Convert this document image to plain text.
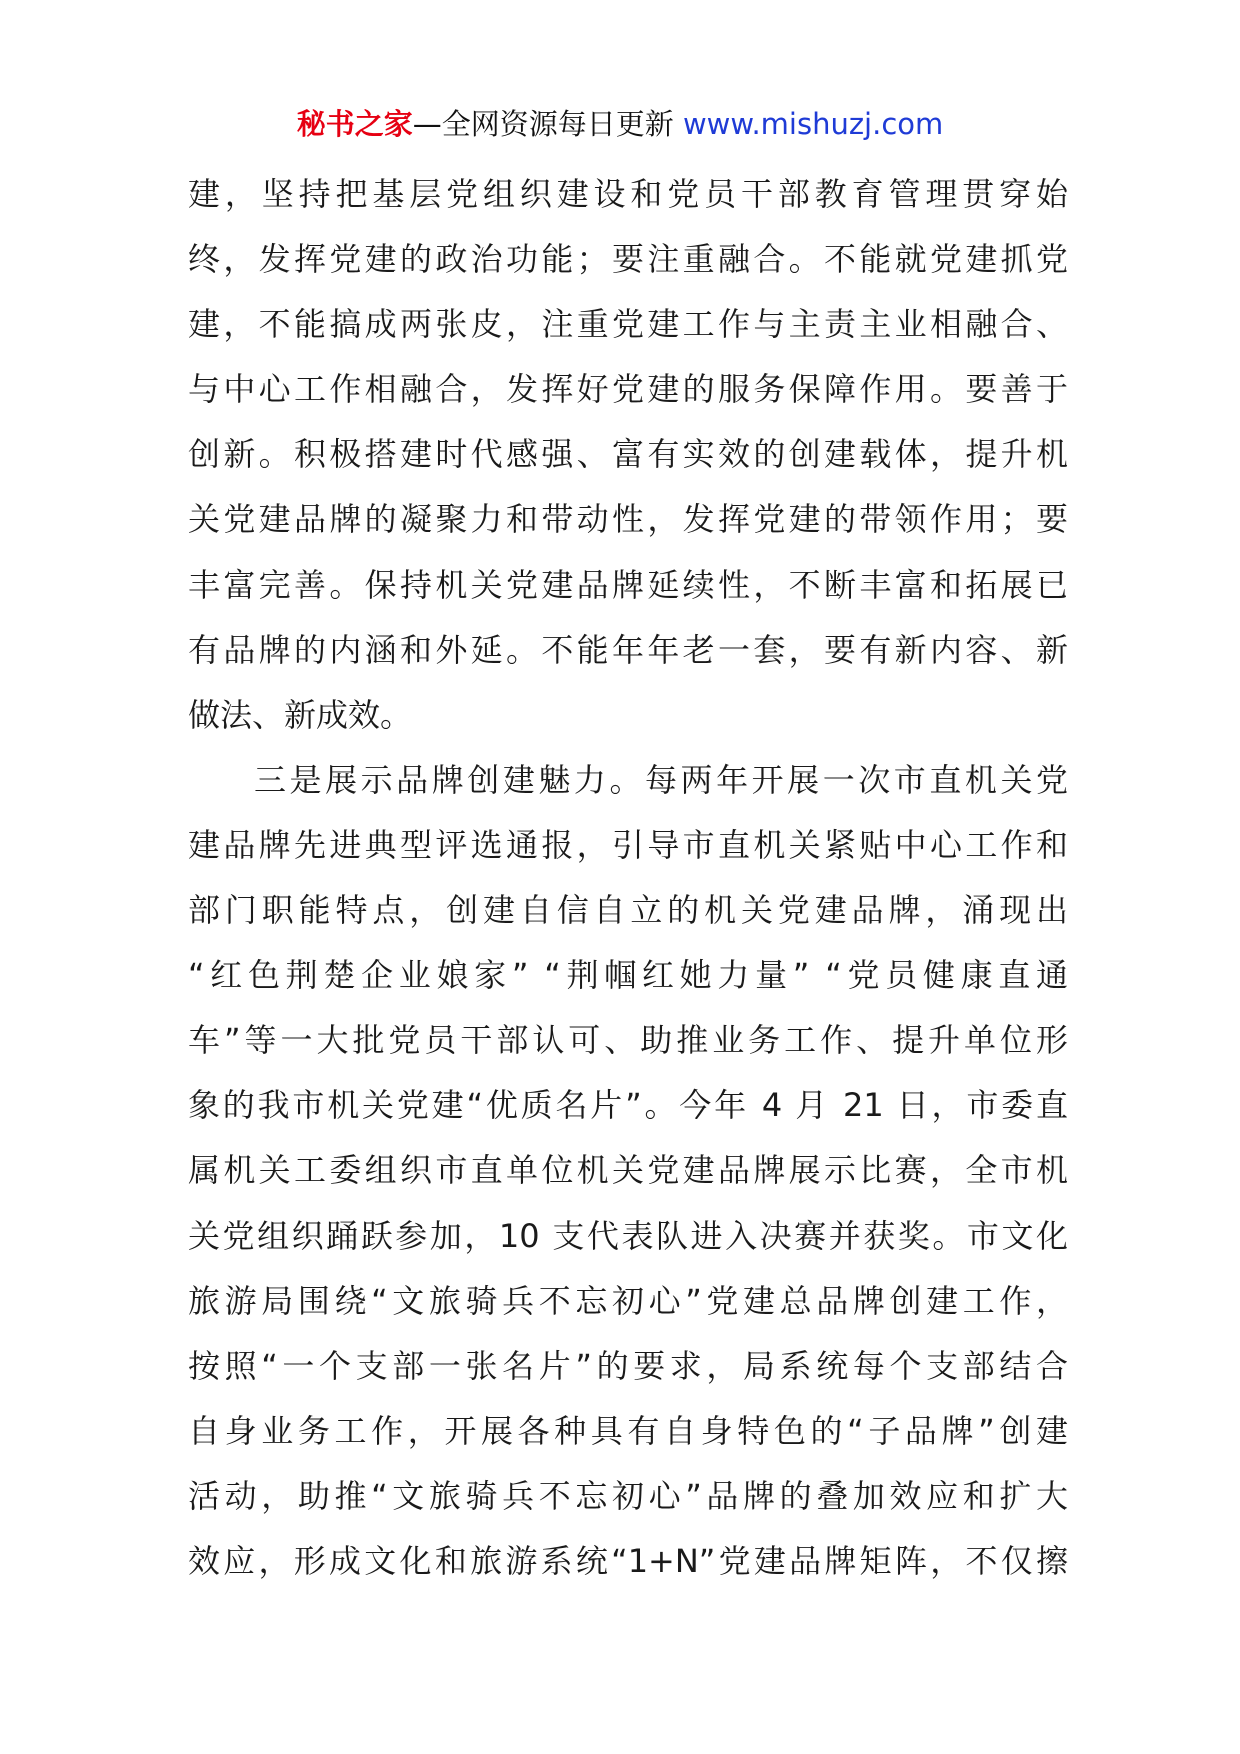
秘书之家—全网资源每日更新 www.mishuzj.com
建，坚持把基层党组织建设和党员干部教育管理贯穿始
终，发挥党建的政治功能；要注重融合。不能就党建抓党
建，不能搞成两张皮，注重党建工作与主责主业相融合、
与中心工作相融合，发挥好党建的服务保障作用。要善于
创新。积极搭建时代感强、富有实效的创建载体，提升机
关党建品牌的凝聚力和带动性，发挥党建的带领作用；要
丰富完善。保持机关党建品牌延续性，不断丰富和拓展已
有品牌的内涵和外延。不能年年老一套，要有新内容、新
做法、新成效。
三是展示品牌创建魅力。每两年开展一次市直机关党
建品牌先进典型评选通报，引导市直机关紧贴中心工作和
部门职能特点，创建自信自立的机关党建品牌，涌现出
“红色荆楚企业娘家” “荆帼红她力量” “党员健康直通
车”等一大批党员干部认可、助推业务工作、提升单位形
象的我市机关党建“优质名片”。今年 4 月 21 日，市委直
属机关工委组织市直单位机关党建品牌展示比赛，全市机
关党组织踊跃参加，10 支代表队进入决赛并获奖。市文化
旅游局围绕“文旅骑兵不忘初心”党建总品牌创建工作，
按照“一个支部一张名片”的要求，局系统每个支部结合
自身业务工作，开展各种具有自身特色的“子品牌”创建
活动，助推“文旅骑兵不忘初心”品牌的叠加效应和扩大
效应，形成文化和旅游系统“1+N”党建品牌矩阵，不仅擦
